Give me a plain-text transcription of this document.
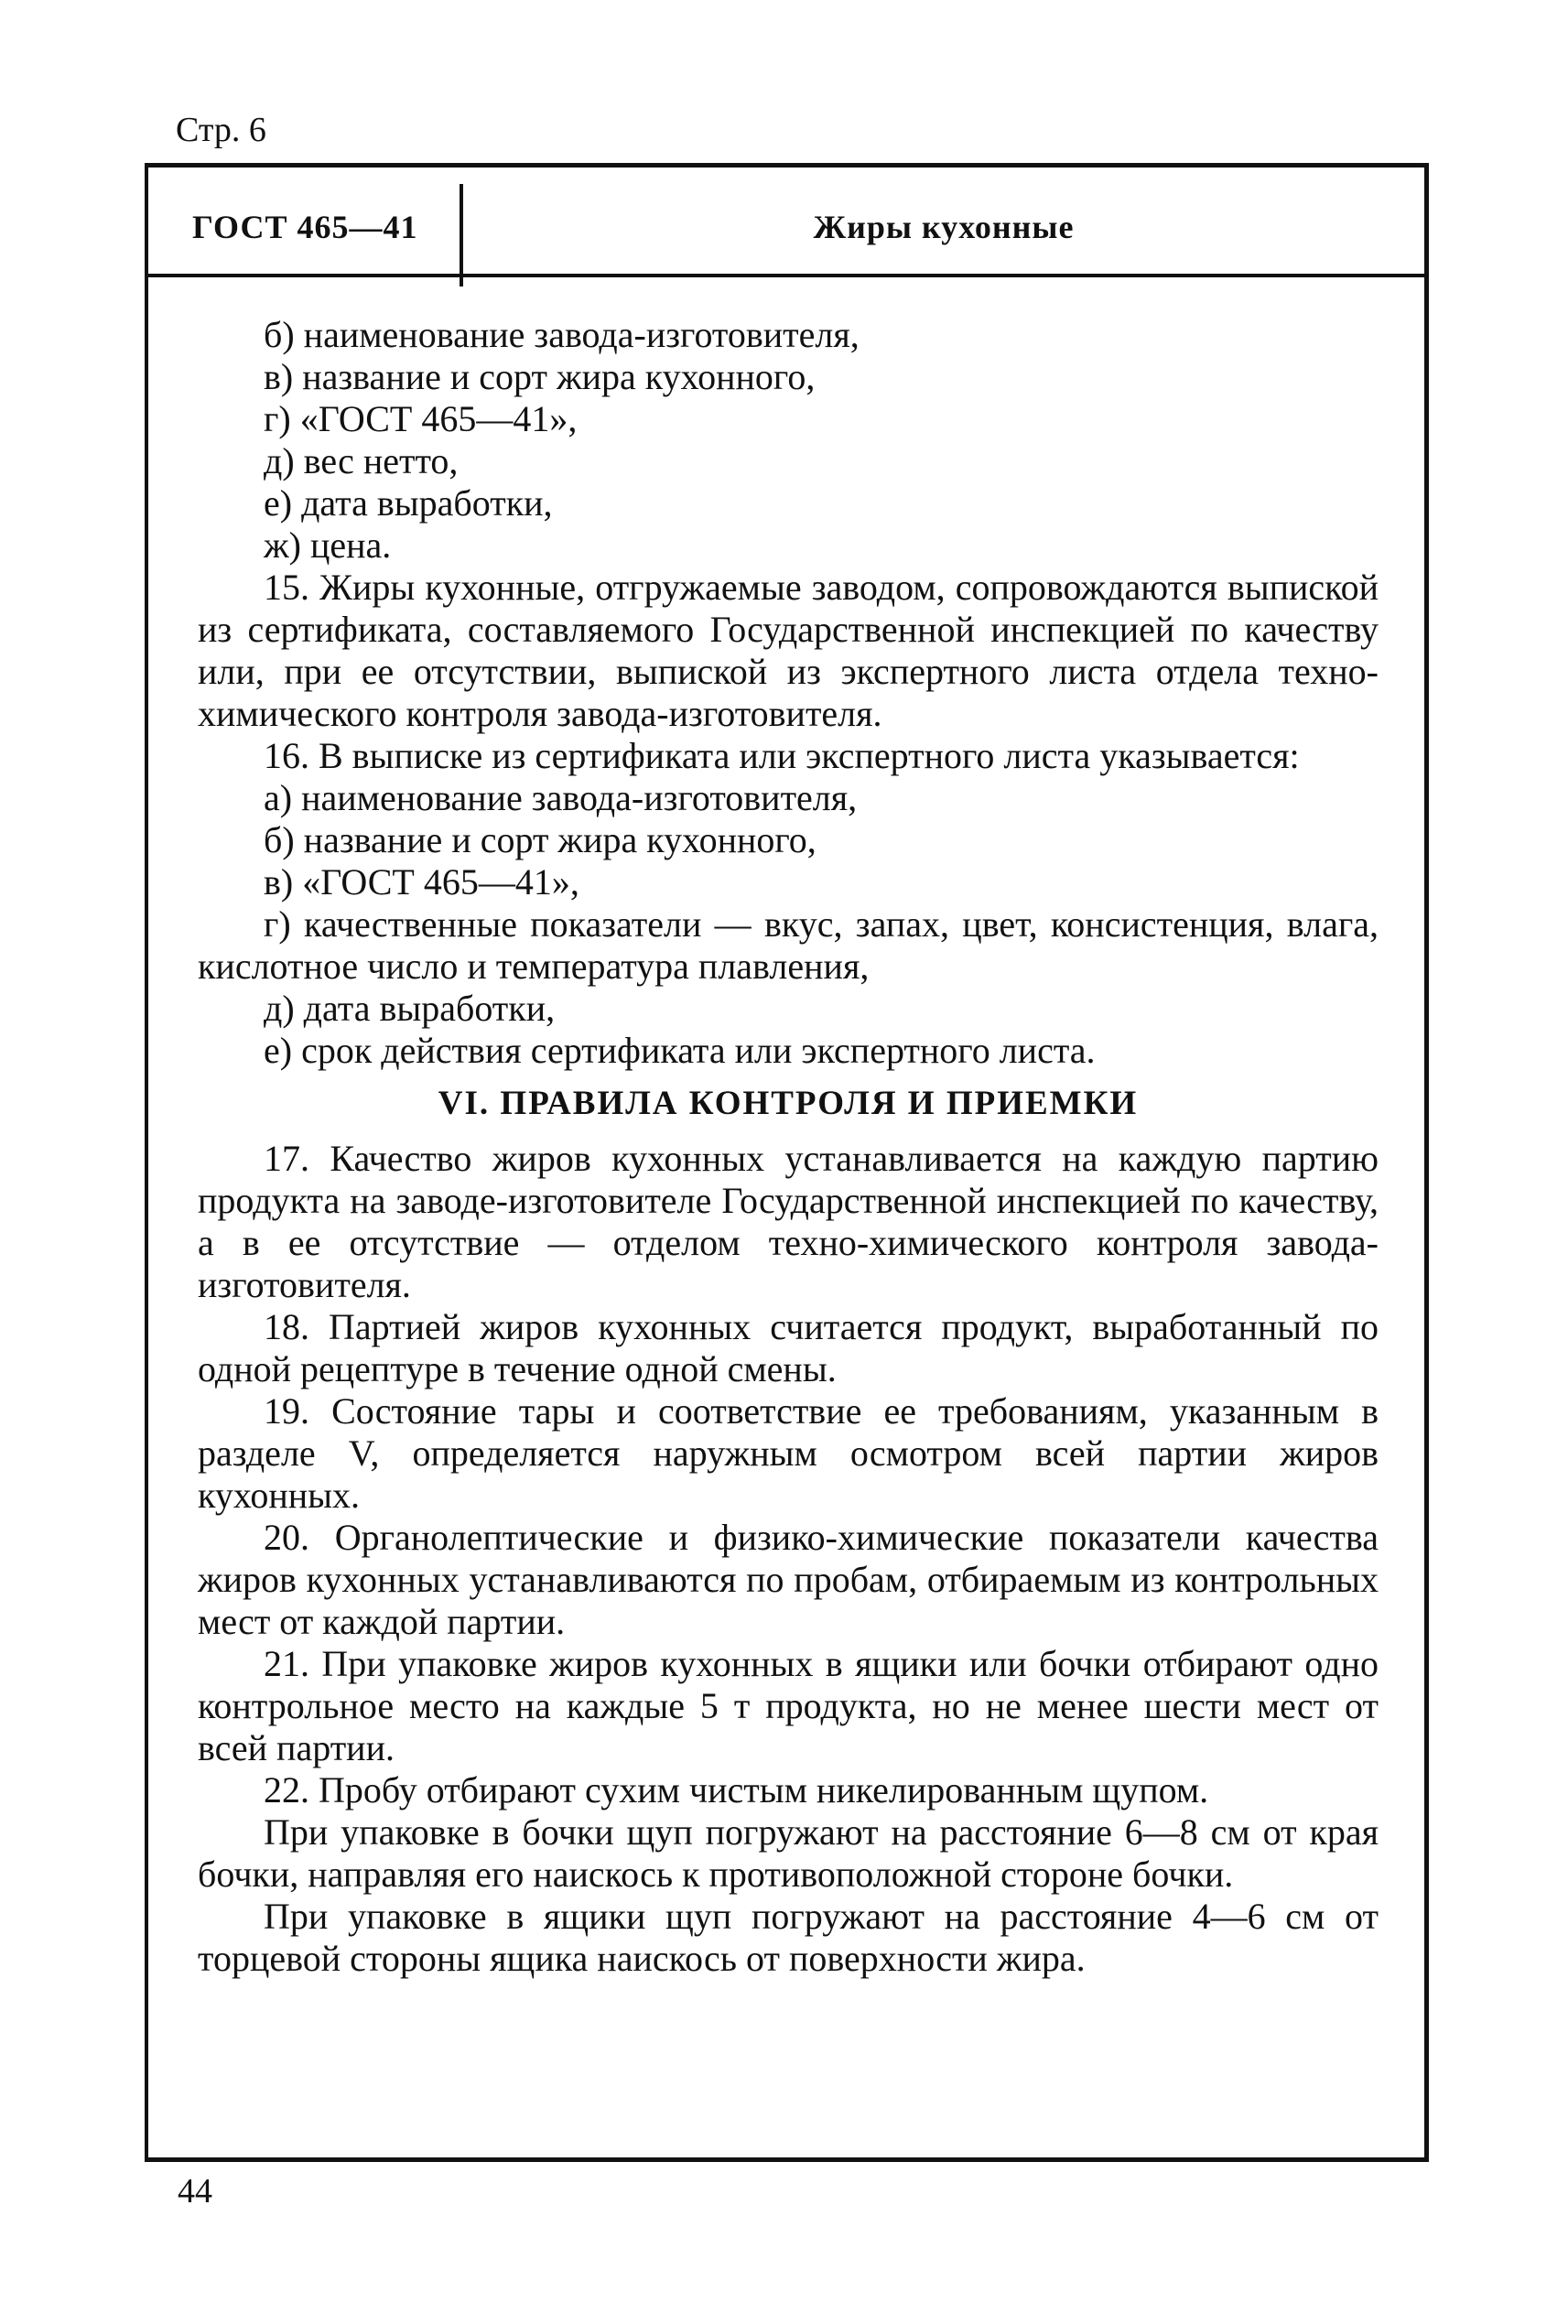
Стр. 6
ГОСТ 465—41	Жиры кухонные

б) наименование завода-изготовителя,

в) название и сорт жира кухонного,

г) «ГОСТ 465—41»,

д) вес нетто,

е) дата выработки,

ж) цена.

15. Жиры кухонные, отгружаемые заводом, сопровождаются выпиской из сертификата, составляемого Государственной инспекцией по качеству или, при ее отсутствии, выпиской из экспертного листа отдела техно-химического контроля завода-изготовителя.

16. В выписке из сертификата или экспертного листа указывается:

а) наименование завода-изготовителя,

б) название и сорт жира кухонного,

в) «ГОСТ 465—41»,

г) качественные показатели — вкус, запах, цвет, консистенция, влага, кислотное число и температура плавления,

д) дата выработки,

е) срок действия сертификата или экспертного листа.

VI. ПРАВИЛА КОНТРОЛЯ И ПРИЕМКИ

17. Качество жиров кухонных устанавливается на каждую партию продукта на заводе-изготовителе Государственной инспекцией по качеству, а в ее отсутствие — отделом техно-химического контроля завода-изготовителя.

18. Партией жиров кухонных считается продукт, выработанный по одной рецептуре в течение одной смены.

19. Состояние тары и соответствие ее требованиям, указанным в разделе V, определяется наружным осмотром всей партии жиров кухонных.

20. Органолептические и физико-химические показатели качества жиров кухонных устанавливаются по пробам, отбираемым из контрольных мест от каждой партии.

21. При упаковке жиров кухонных в ящики или бочки отбирают одно контрольное место на каждые 5 т продукта, но не менее шести мест от всей партии.

22. Пробу отбирают сухим чистым никелированным щупом.

При упаковке в бочки щуп погружают на расстояние 6—8 см от края бочки, направляя его наискось к противоположной стороне бочки.

При упаковке в ящики щуп погружают на расстояние 4—6 см от торцевой стороны ящика наискось от поверхности жира.

44
